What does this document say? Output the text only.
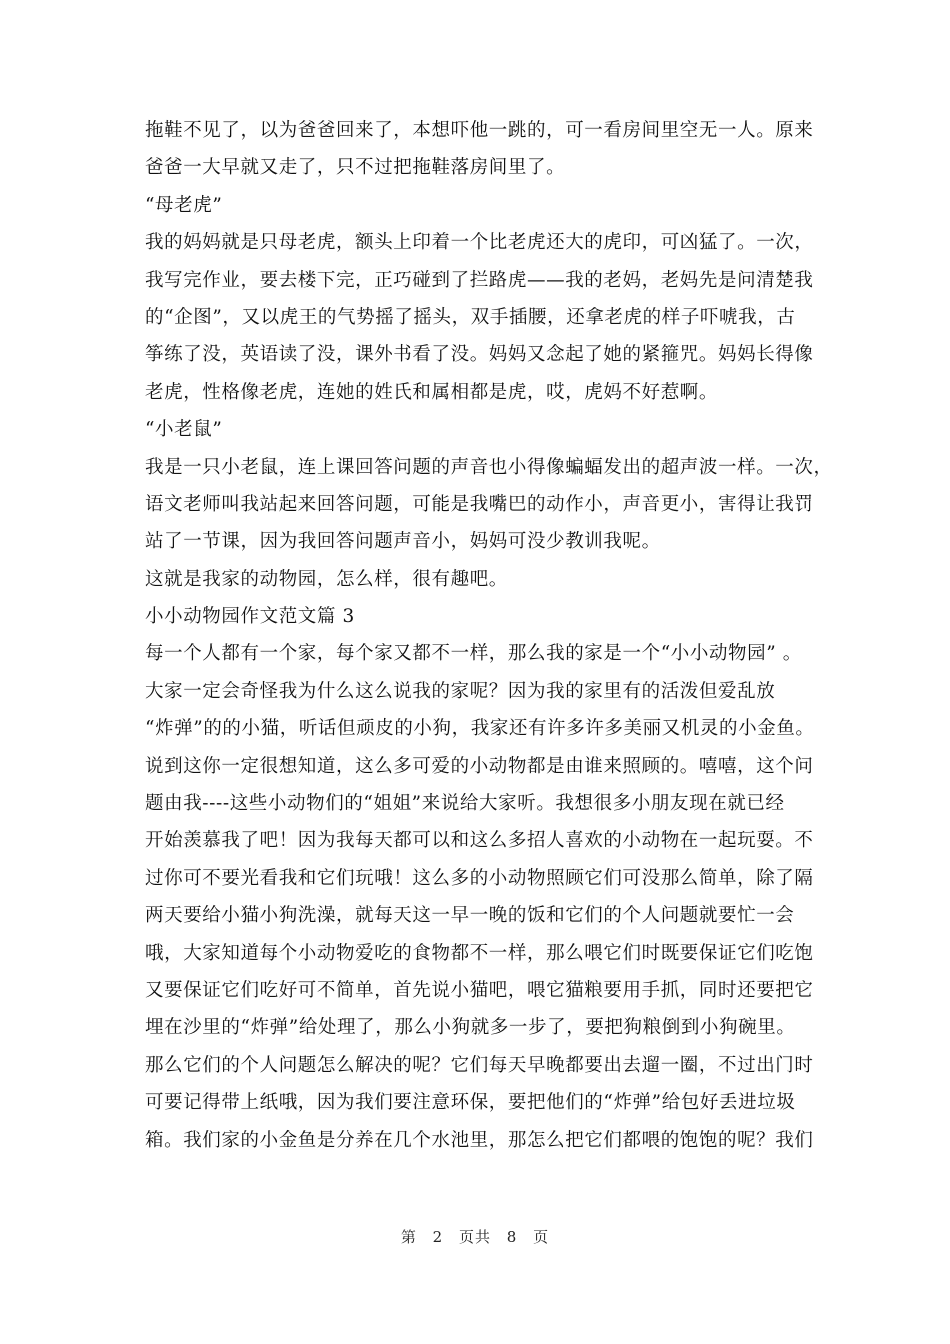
拖鞋不见了，以为爸爸回来了，本想吓他一跳的，可一看房间里空无一人。原来
爸爸一大早就又走了，只不过把拖鞋落房间里了。
“母老虎”
我的妈妈就是只母老虎，额头上印着一个比老虎还大的虎印，可凶猛了。一次，
我写完作业，要去楼下完，正巧碰到了拦路虎——我的老妈，老妈先是问清楚我
的“企图”，又以虎王的气势摇了摇头，双手插腰，还拿老虎的样子吓唬我，古
筝练了没，英语读了没，课外书看了没。妈妈又念起了她的紧箍咒。妈妈长得像
老虎，性格像老虎，连她的姓氏和属相都是虎，哎，虎妈不好惹啊。
“小老鼠”
我是一只小老鼠，连上课回答问题的声音也小得像蝙蝠发出的超声波一样。一次，
语文老师叫我站起来回答问题，可能是我嘴巴的动作小，声音更小，害得让我罚
站了一节课，因为我回答问题声音小，妈妈可没少教训我呢。
这就是我家的动物园，怎么样，很有趣吧。
小小动物园作文范文篇 3
每一个人都有一个家，每个家又都不一样，那么我的家是一个“小小动物园” 。
大家一定会奇怪我为什么这么说我的家呢？因为我的家里有的活泼但爱乱放
“炸弹”的的小猫，听话但顽皮的小狗，我家还有许多许多美丽又机灵的小金鱼。
说到这你一定很想知道，这么多可爱的小动物都是由谁来照顾的。嘻嘻，这个问
题由我----这些小动物们的“姐姐”来说给大家听。我想很多小朋友现在就已经
开始羡慕我了吧！因为我每天都可以和这么多招人喜欢的小动物在一起玩耍。不
过你可不要光看我和它们玩哦！这么多的小动物照顾它们可没那么简单，除了隔
两天要给小猫小狗洗澡，就每天这一早一晚的饭和它们的个人问题就要忙一会
哦，大家知道每个小动物爱吃的食物都不一样，那么喂它们时既要保证它们吃饱
又要保证它们吃好可不简单，首先说小猫吧，喂它猫粮要用手抓，同时还要把它
埋在沙里的“炸弹”给处理了，那么小狗就多一步了，要把狗粮倒到小狗碗里。
那么它们的个人问题怎么解决的呢？它们每天早晚都要出去遛一圈，不过出门时
可要记得带上纸哦，因为我们要注意环保，要把他们的“炸弹”给包好丢进垃圾
箱。我们家的小金鱼是分养在几个水池里，那怎么把它们都喂的饱饱的呢？我们
第 2 页共 8 页
